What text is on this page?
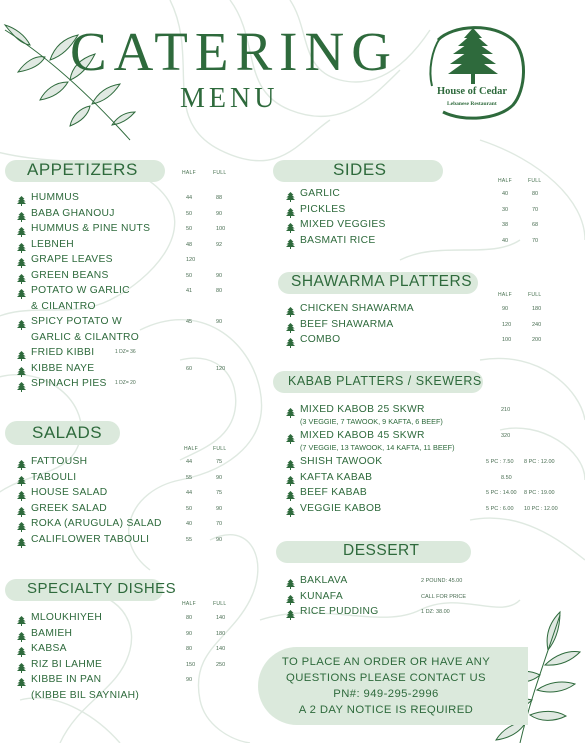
CATERING
MENU	House of Cedar
Lebanese Restaurant
APPETIZERS	HALF	FULL
SALADS
HALF	FULL
SPECIALTY DISHES
HALF	FULL
SIDES
HALF	FULL
SHAWARMA PLATTERS
HALF	FULL
KABAB PLATTERS / SKEWERS
DESSERT
TO PLACE AN ORDER OR HAVE ANY
QUESTIONS PLEASE CONTACT US
PN#: 949-295-2996
A 2 DAY NOTICE IS REQUIRED
HUMMUS	44	88
BABA GHANOUJ	50	90
HUMMUS & PINE NUTS	50	100
LEBNEH	48	92
GRAPE LEAVES	120
GREEN BEANS	50	90
POTATO W GARLIC	41	80
& CILANTRO
SPICY POTATO W	45	90
GARLIC & CILANTRO
FRIED KIBBI	1 DZ= 36
KIBBE NAYE	60	120
SPINACH PIES 1 DZ= 20
FATTOUSH	44	75
TABOULI	55	90
HOUSE SALAD	44	75
GREEK SALAD	50	90
ROKA (ARUGULA) SALAD	40	70
CALIFLOWER TABOULI	55	90
MLOUKHIYEH	80	140
BAMIEH	90	180
KABSA	80	140
RIZ BI LAHME	150	250
KIBBE IN PAN	90
(KIBBE BIL SAYNIAH)
GARLIC	40	80
PICKLES	30	70
MIXED VEGGIES	38	68
BASMATI RICE	40	70
CHICKEN SHAWARMA	90	180
BEEF SHAWARMA	120	240
COMBO	100	200
MIXED KABOB 25 SKWR	210
(3 VEGGIE, 7 TAWOOK, 9 KAFTA, 6 BEEF)
MIXED KABOB 45 SKWR	320
(7 VEGGIE, 13 TAWOOK, 14 KAFTA, 11 BEEF)
SHISH TAWOOK	5 PC : 7.50 8 PC : 12.00
KAFTA KABAB	8.50
BEEF KABAB	5 PC : 14.00 8 PC : 19.00
VEGGIE KABOB	5 PC : 6.00 10 PC : 12.00
BAKLAVA	2 POUND: 45.00
KUNAFA	CALL FOR PRICE
RICE PUDDING	1 DZ: 38.00
